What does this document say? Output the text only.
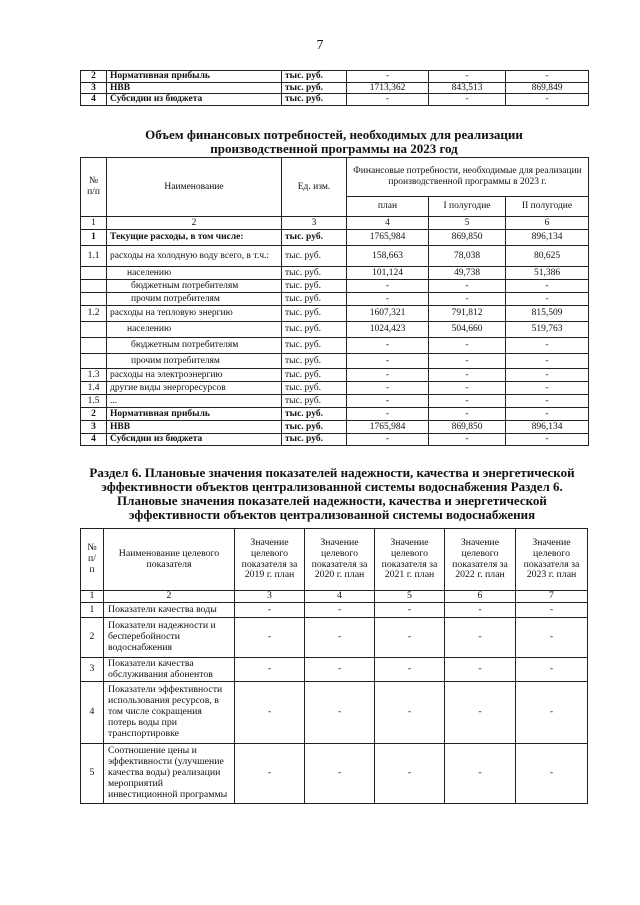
7
2	Нормативная прибыль	тыс. руб.	-	-	-
3	НВВ	тыс. руб.	1713,362	843,513	869,849
4	Субсидии из бюджета	тыс. руб.	-	-	-
Объем финансовых потребностей, необходимых для реализации
производственной программы на 2023 год
№ п/п	Наименование	Ед. изм.	Финансовые потребности, необходимые для реализации производственной программы в 2023 г.		
			план	I полугодие	II полугодие
1	2	3	4	5	6
1	Текущие расходы, в том числе:	тыс. руб.	1765,984	869,850	896,134
1.1	расходы на холодную воду всего, в т.ч.:	тыс. руб.	158,663	78,038	80,625
	населению	тыс. руб.	101,124	49,738	51,386
	бюджетным потребителям	тыс. руб.	-	-	-
	прочим потребителям	тыс. руб.	-	-	-
1.2	расходы на тепловую энергию	тыс. руб.	1607,321	791,812	815,509
	населению	тыс. руб.	1024,423	504,660	519,763
	бюджетным потребителям	тыс. руб.	-	-	-
	прочим потребителям	тыс. руб.	-	-	-
1.3	расходы на электроэнергию	тыс. руб.	-	-	-
1.4	другие виды энергоресурсов	тыс. руб.	-	-	-
1.5	...	тыс. руб.	-	-	-
2	Нормативная прибыль	тыс. руб.	-	-	-
3	НВВ	тыс. руб.	1765,984	869,850	896,134
4	Субсидии из бюджета	тыс. руб.	-	-	-
Раздел 6. Плановые значения показателей надежности, качества и энергетической
эффективности объектов централизованной системы водоснабжения Раздел 6.
Плановые значения показателей надежности, качества и энергетической
эффективности объектов централизованной системы водоснабжения
№ п/ п	Наименование целевого показателя	Значение целевого показателя за 2019 г. план	Значение целевого показателя за 2020 г. план	Значение целевого показателя за 2021 г. план	Значение целевого показателя за 2022 г. план	Значение целевого показателя за 2023 г. план
1	2	3	4	5	6	7
1	Показатели качества воды	-	-	-	-	-
2	Показатели надежности и бесперебойности водоснабжения	-	-	-	-	-
3	Показатели качества обслуживания абонентов	-	-	-	-	-
4	Показатели эффективности использования ресурсов, в том числе сокращения потерь воды при транспортировке	-	-	-	-	-
5	Соотношение цены и эффективности (улучшение качества воды) реализации мероприятий инвестиционной программы	-	-	-	-	-
